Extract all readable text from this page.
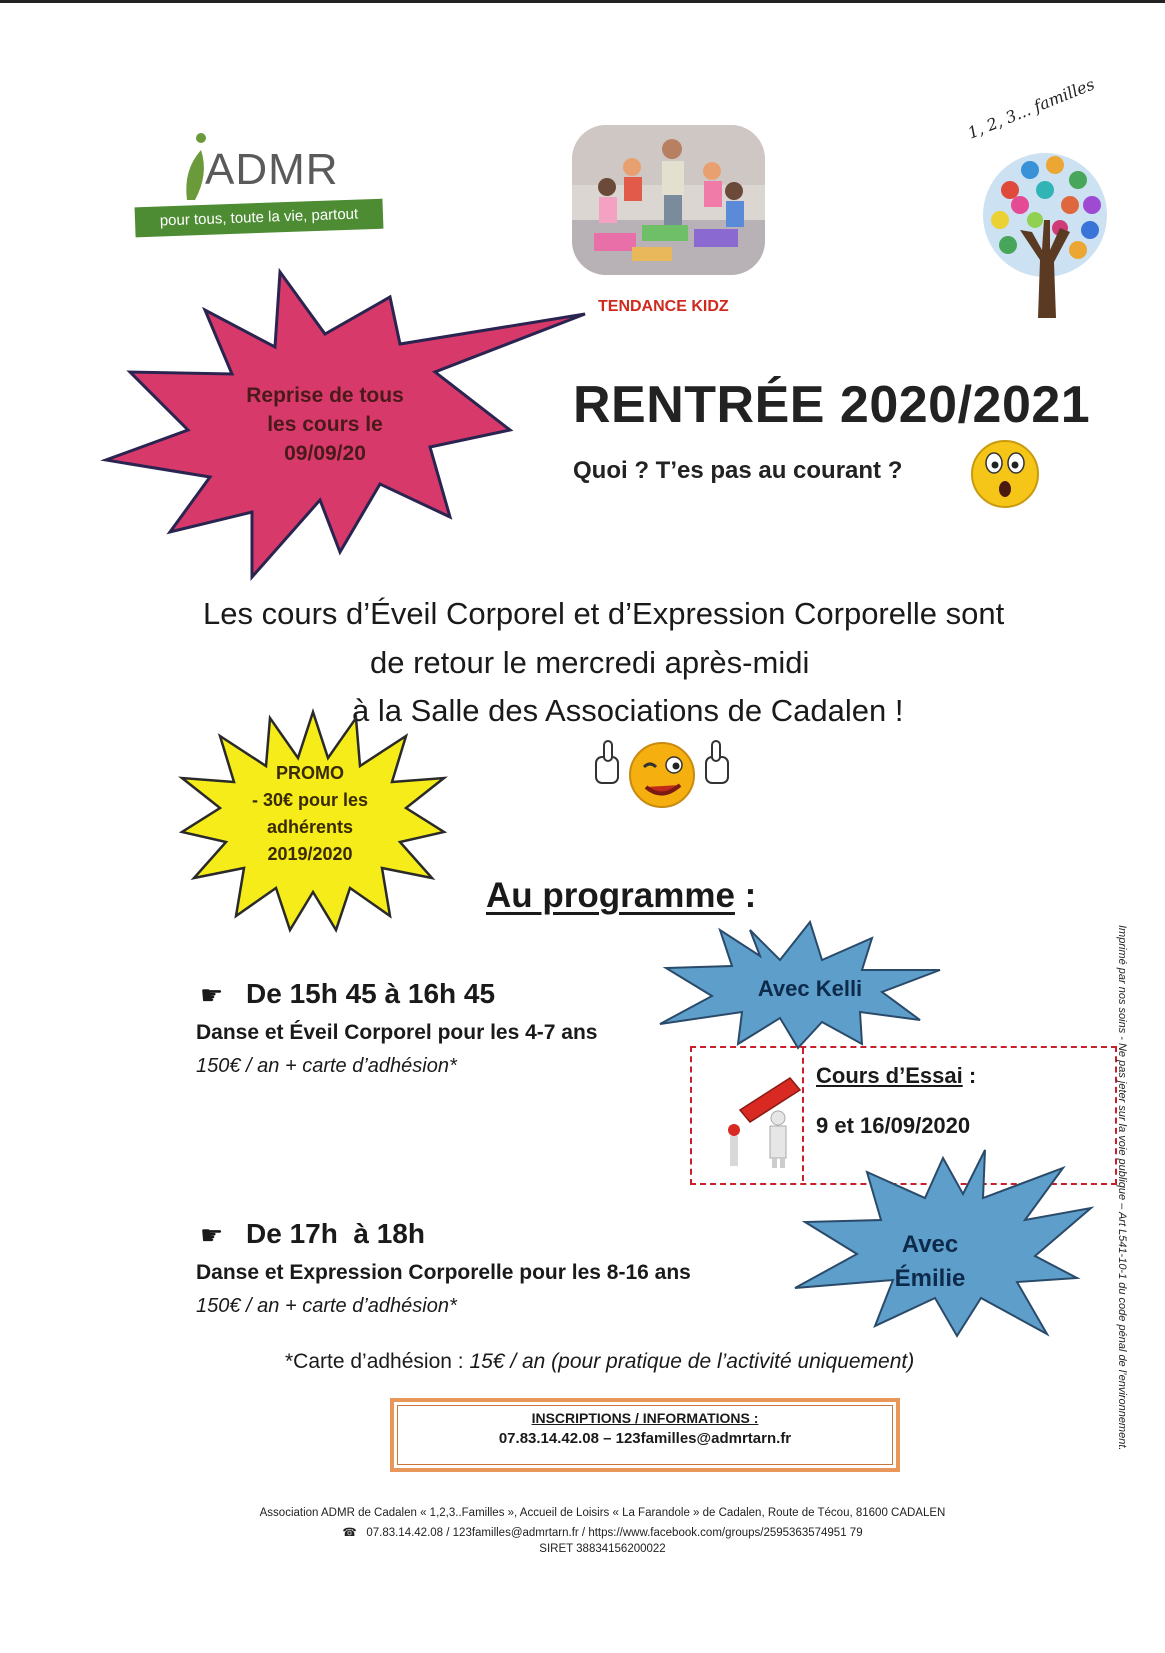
ADMR
pour tous, toute la vie, partout
TENDANCE KIDZ
1, 2, 3... familles
Reprise de tous
les cours le
09/09/20
RENTRÉE 2020/2021
Quoi ? T’es pas au courant ?
Les cours d’Éveil Corporel et d’Expression Corporelle sont
de retour le mercredi après-midi
à la Salle des Associations de Cadalen !
PROMO
- 30€ pour les
adhérents
2019/2020
Au programme :
☛ De 15h 45 à 16h 45
Danse et Éveil Corporel pour les 4-7 ans
150€ / an + carte d’adhésion*
Avec Kelli
Cours d’Essai :
9 et 16/09/2020
Avec
Émilie
☛ De 17h  à 18h
Danse et Expression Corporelle pour les 8-16 ans
150€ / an + carte d’adhésion*
*Carte d’adhésion : 15€ / an (pour pratique de l’activité uniquement)
INSCRIPTIONS / INFORMATIONS :
07.83.14.42.08 – 123familles@admrtarn.fr
Association ADMR de Cadalen « 1,2,3..Familles », Accueil de Loisirs « La Farandole » de Cadalen, Route de Técou, 81600 CADALEN
☎ 07.83.14.42.08 / 123familles@admrtarn.fr / https://www.facebook.com/groups/2595363574951 79
SIRET 38834156200022
Imprimé par nos soins - Ne pas jeter sur la voie publique – Art L541-10-1 du code pénal de l’environnement.
